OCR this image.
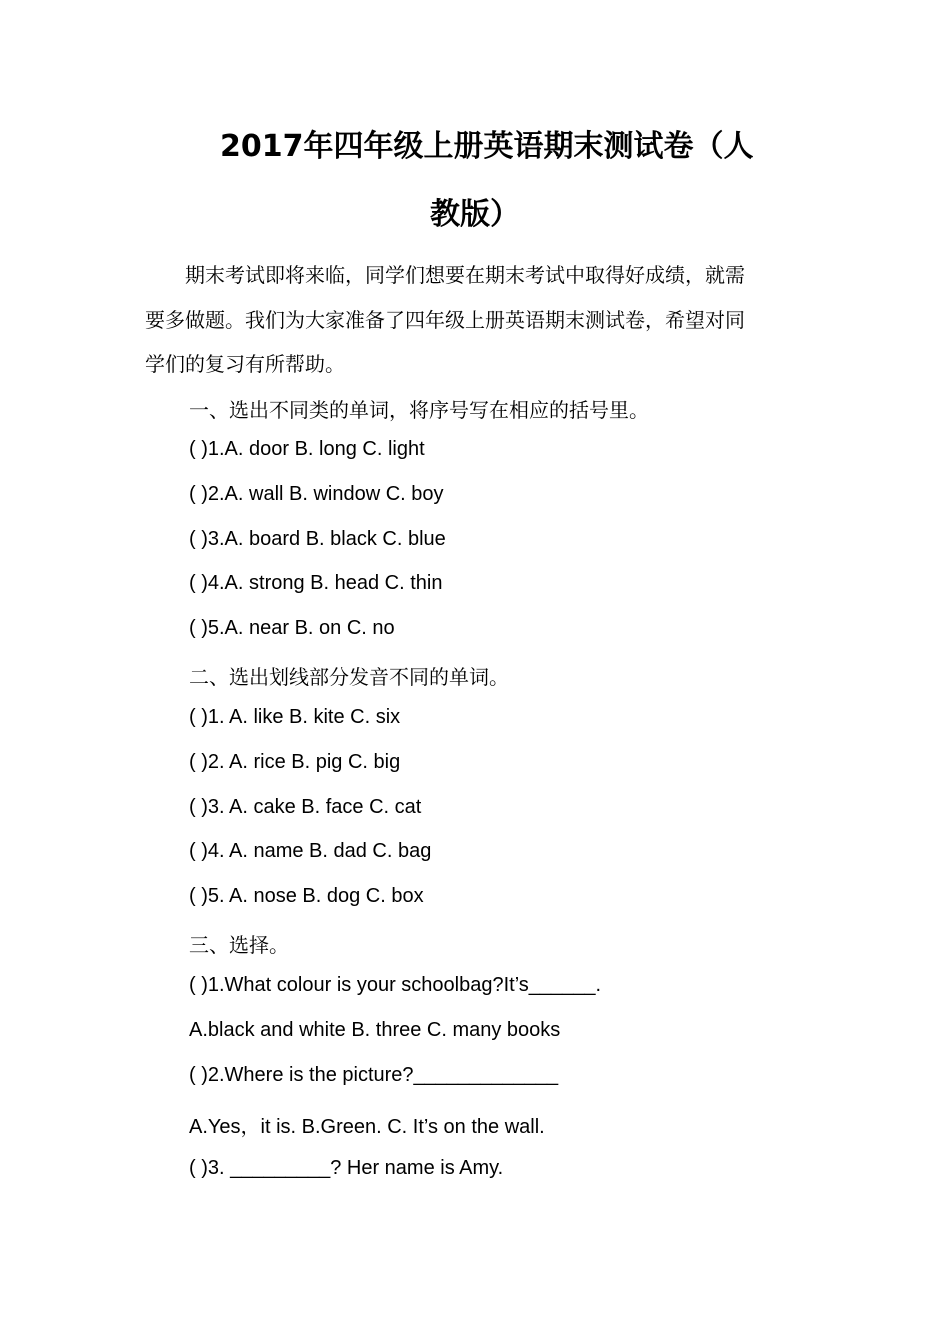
2017年四年级上册英语期末测试卷（人
教版）
　　期末考试即将来临，同学们想要在期末考试中取得好成绩，就需
要多做题。我们为大家准备了四年级上册英语期末测试卷，希望对同
学们的复习有所帮助。
一、选出不同类的单词，将序号写在相应的括号里。
( )1.A. door B. long C. light
( )2.A. wall B. window C. boy
( )3.A. board B. black C. blue
( )4.A. strong B. head C. thin
( )5.A. near B. on C. no
二、选出划线部分发音不同的单词。
( )1. A. like B. kite C. six
( )2. A. rice B. pig C. big
( )3. A. cake B. face C. cat
( )4. A. name B. dad C. bag
( )5. A. nose B. dog C. box
三、选择。
( )1.What colour is your schoolbag?It’s______.
A.black and white B. three C. many books
( )2.Where is the picture?_____________
A.Yes，it is. B.Green. C. It’s on the wall.
( )3. _________? Her name is Amy.
